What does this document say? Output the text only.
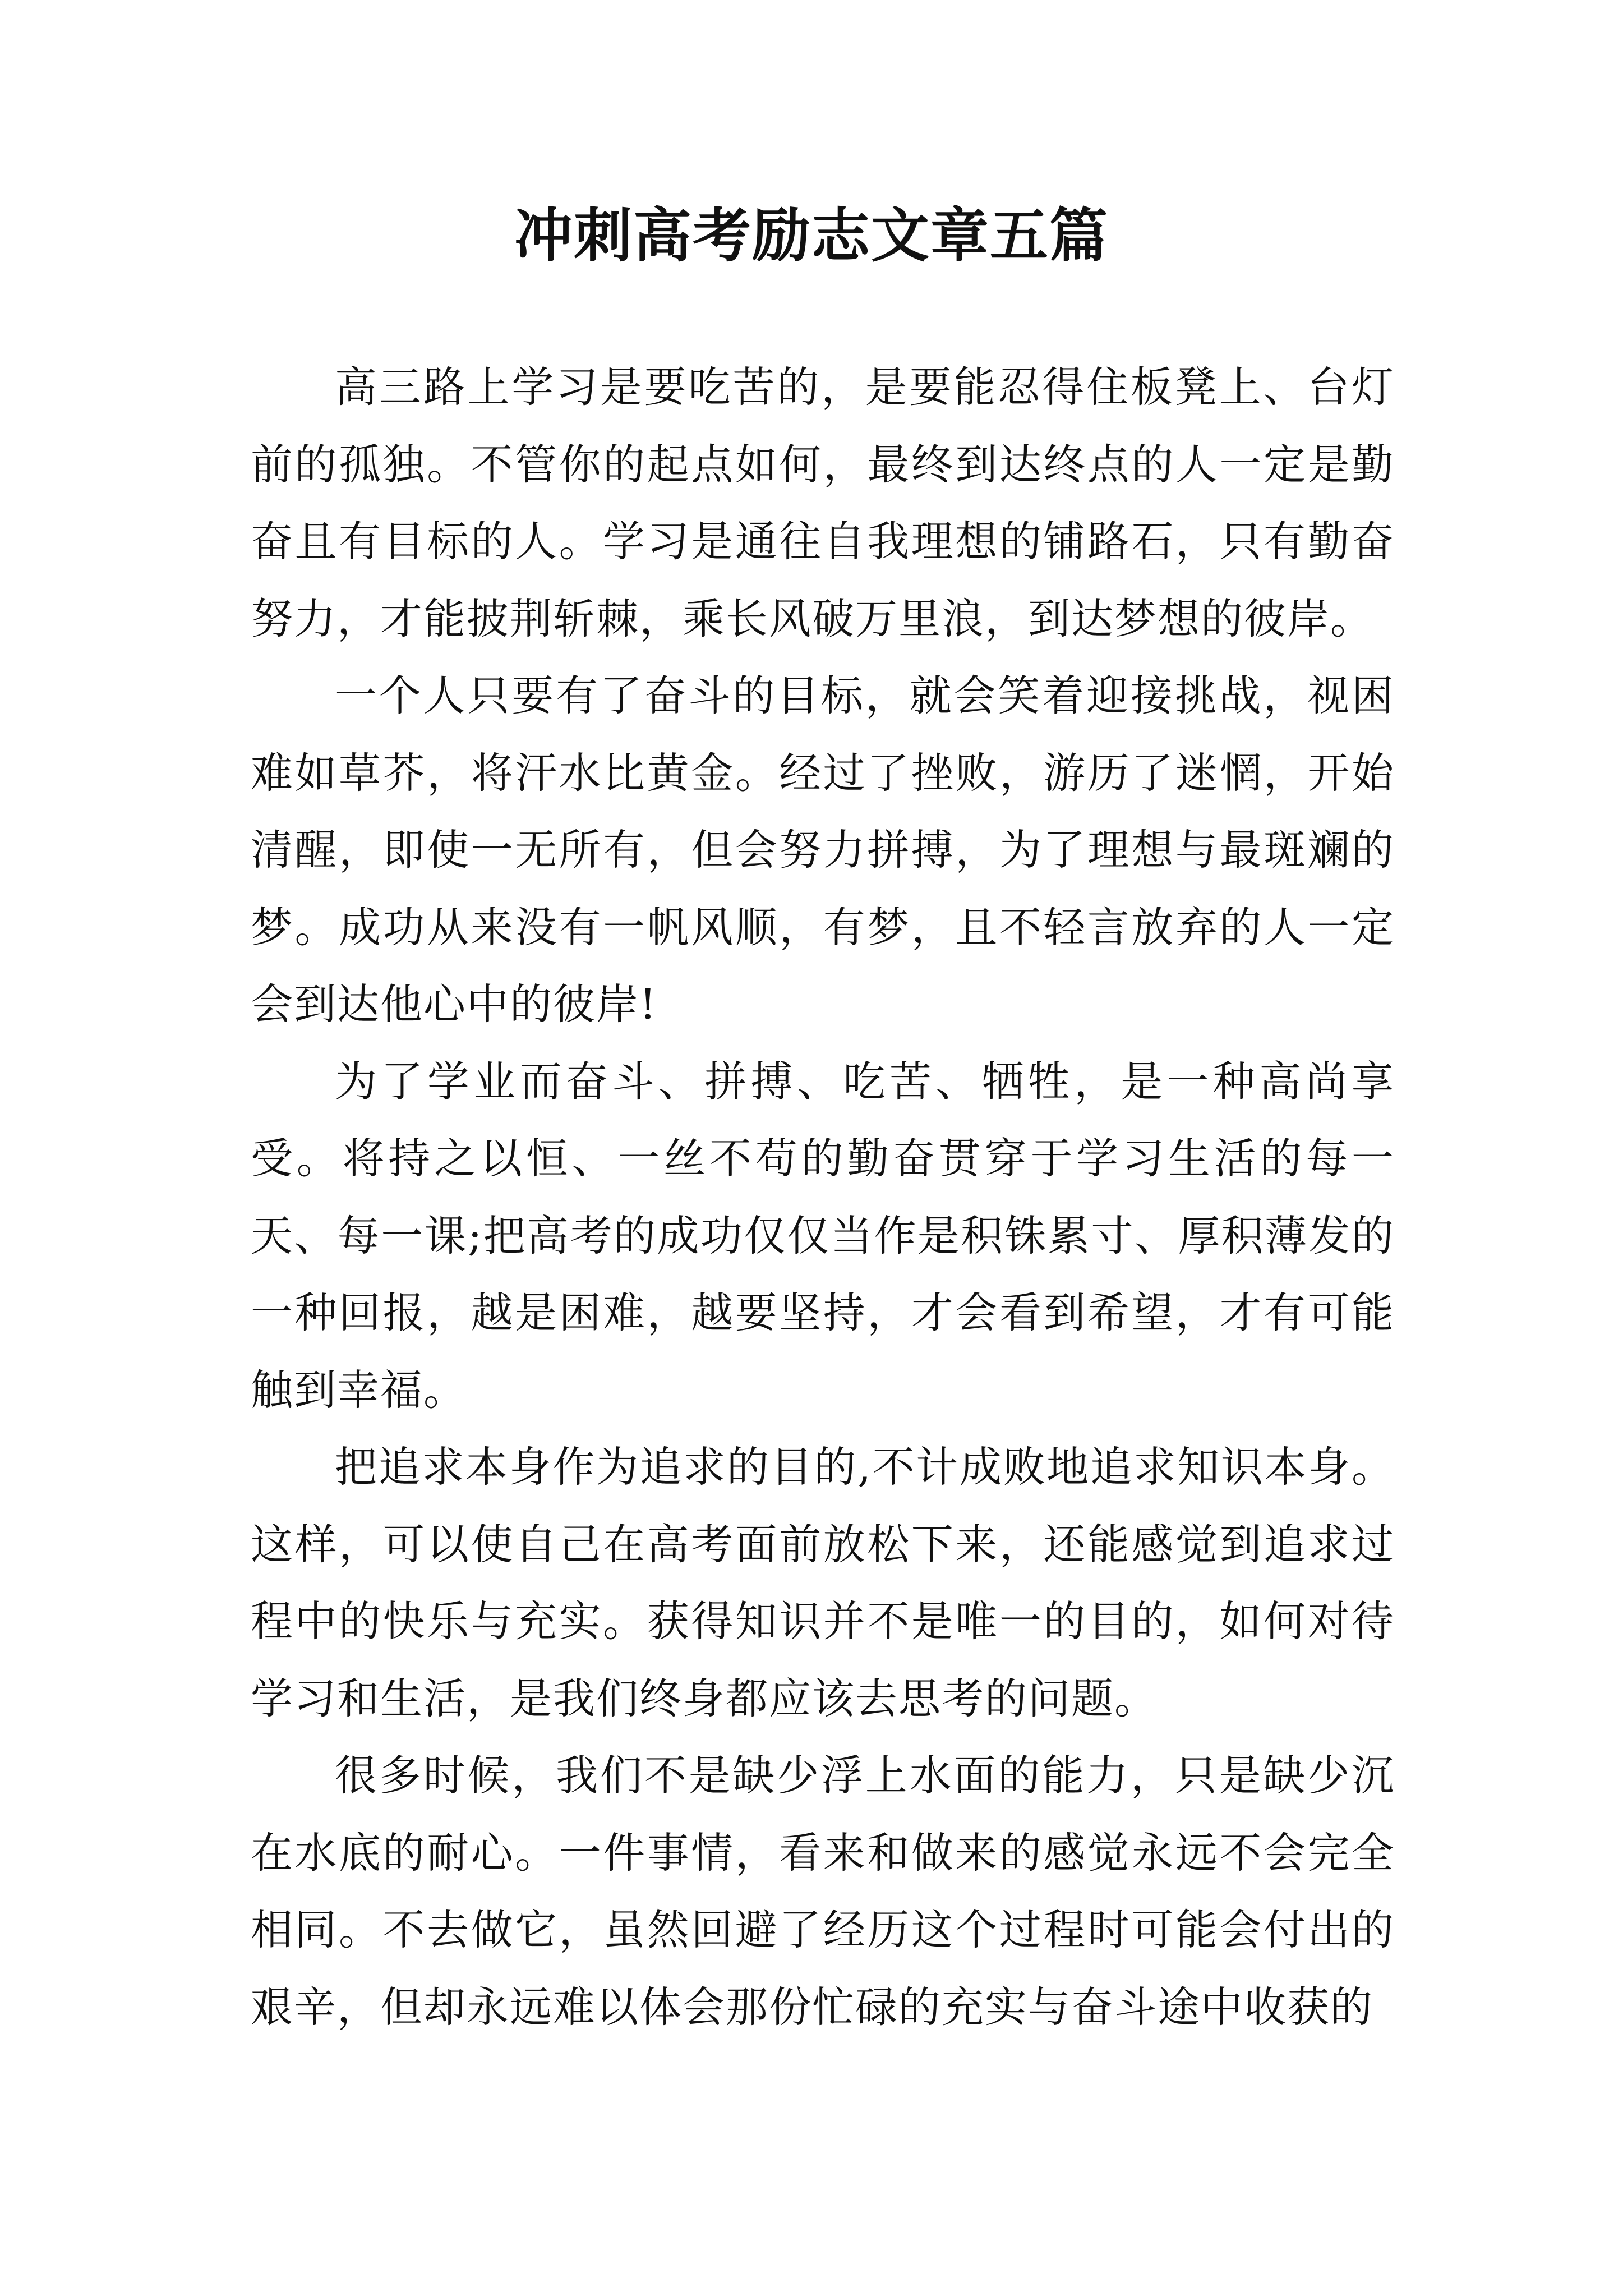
冲刺高考励志文章五篇

高三路上学习是要吃苦的，是要能忍得住板凳上、台灯前的孤独。不管你的起点如何，最终到达终点的人一定是勤奋且有目标的人。学习是通往自我理想的铺路石，只有勤奋努力，才能披荆斩棘，乘长风破万里浪，到达梦想的彼岸。

一个人只要有了奋斗的目标，就会笑着迎接挑战，视困难如草芥，将汗水比黄金。经过了挫败，游历了迷惘，开始清醒，即使一无所有，但会努力拼搏，为了理想与最斑斓的梦。成功从来没有一帆风顺，有梦，且不轻言放弃的人一定会到达他心中的彼岸!

为了学业而奋斗、拼搏、吃苦、牺牲，是一种高尚享受。将持之以恒、一丝不苟的勤奋贯穿于学习生活的每一天、每一课;把高考的成功仅仅当作是积铢累寸、厚积薄发的一种回报，越是困难，越要坚持，才会看到希望，才有可能触到幸福。

把追求本身作为追求的目的,不计成败地追求知识本身。这样，可以使自己在高考面前放松下来，还能感觉到追求过程中的快乐与充实。获得知识并不是唯一的目的，如何对待学习和生活，是我们终身都应该去思考的问题。

很多时候，我们不是缺少浮上水面的能力，只是缺少沉在水底的耐心。一件事情，看来和做来的感觉永远不会完全相同。不去做它，虽然回避了经历这个过程时可能会付出的艰辛，但却永远难以体会那份忙碌的充实与奋斗途中收获的
